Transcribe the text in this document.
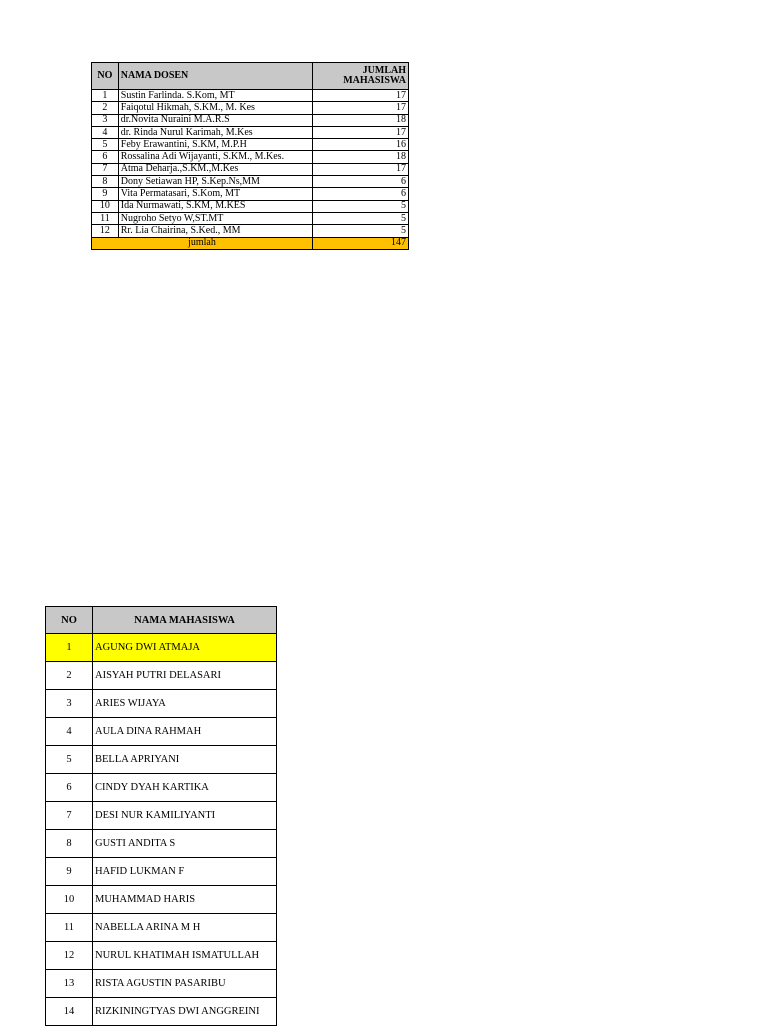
NO	NAMA DOSEN	JUMLAH
MAHASISWA
1	Sustin Farlinda. S.Kom, MT	17
2	Faiqotul Hikmah, S.KM., M. Kes	17
3	dr.Novita Nuraini M.A.R.S	18
4	dr. Rinda Nurul Karimah, M.Kes	17
5	Feby Erawantini, S.KM, M.P.H	16
6	Rossalina Adi Wijayanti, S.KM., M.Kes.	18
7	Atma Deharja.,S.KM.,M.Kes	17
8	Dony Setiawan HP, S.Kep.Ns,MM	6
9	Vita Permatasari, S.Kom, MT	6
10	Ida Nurmawati, S.KM, M.KES	5
11	Nugroho Setyo W,ST.MT	5
12	Rr. Lia Chairina, S.Ked., MM	5
jumlah		147
NO	NAMA MAHASISWA
1	AGUNG DWI ATMAJA
2	AISYAH PUTRI DELASARI
3	ARIES WIJAYA
4	AULA DINA RAHMAH
5	BELLA APRIYANI
6	CINDY DYAH KARTIKA
7	DESI NUR KAMILIYANTI
8	GUSTI ANDITA S
9	HAFID LUKMAN F
10	MUHAMMAD HARIS
11	NABELLA ARINA M H
12	NURUL KHATIMAH ISMATULLAH
13	RISTA AGUSTIN PASARIBU
14	RIZKININGTYAS DWI ANGGREINI
